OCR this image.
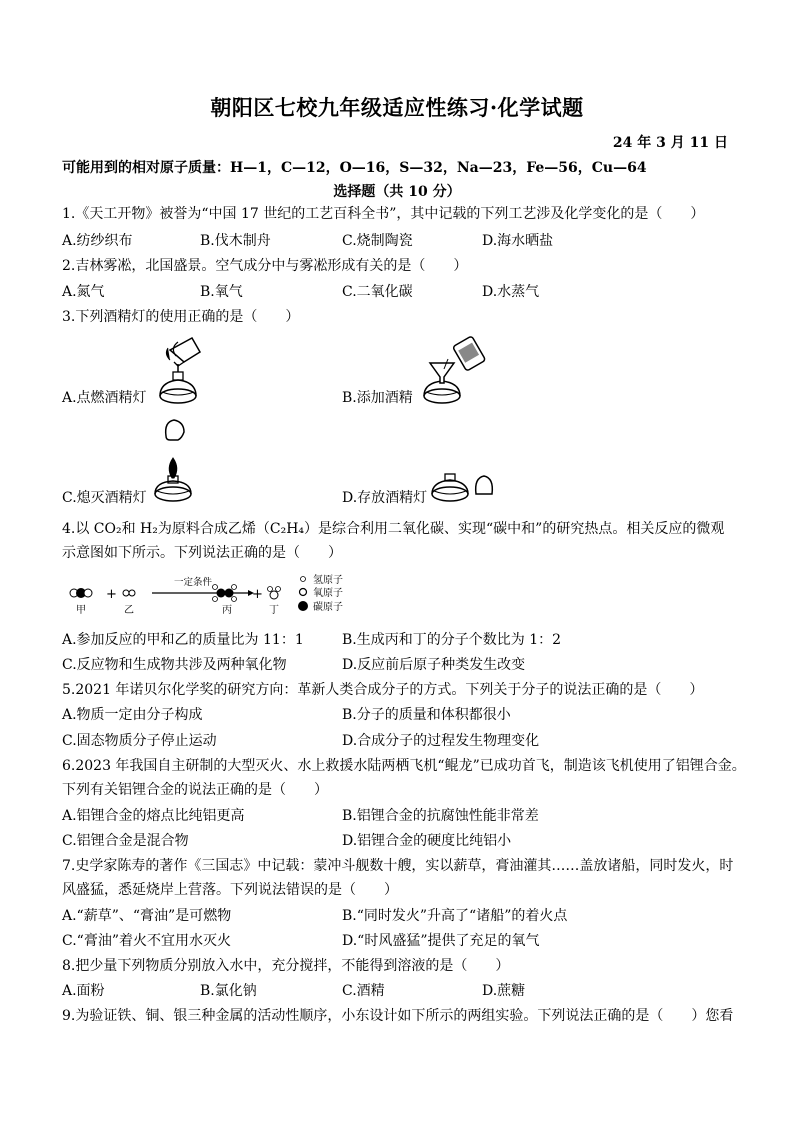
朝阳区七校九年级适应性练习·化学试题
24 年 3 月 11 日
可能用到的相对原子质量：H—1，C—12，O—16，S—32，Na—23，Fe—56，Cu—64
选择题（共 10 分）
1.《天工开物》被誉为“中国 17 世纪的工艺百科全书”，其中记载的下列工艺涉及化学变化的是（　　）
A.纺纱织布	B.伐木制舟	C.烧制陶瓷	D.海水晒盐
2.吉林雾凇，北国盛景。空气成分中与雾凇形成有关的是（　　）
A.氮气	B.氧气	C.二氧化碳	D.水蒸气
3.下列酒精灯的使用正确的是（　　）
A.点燃酒精灯	B.添加酒精
C.熄灭酒精灯	D.存放酒精灯
4.以 CO₂和 H₂为原料合成乙烯（C₂H₄）是综合利用二氧化碳、实现“碳中和”的研究热点。相关反应的微观
示意图如下所示。下列说法正确的是（　　）
甲
+
乙
一定条件
丙
+
丁
氢原子
氧原子
碳原子
A.参加反应的甲和乙的质量比为 11：1	B.生成丙和丁的分子个数比为 1：2
C.反应物和生成物共涉及两种氧化物	D.反应前后原子种类发生改变
5.2021 年诺贝尔化学奖的研究方向：革新人类合成分子的方式。下列关于分子的说法正确的是（　　）
A.物质一定由分子构成	B.分子的质量和体积都很小
C.固态物质分子停止运动	D.合成分子的过程发生物理变化
6.2023 年我国自主研制的大型灭火、水上救援水陆两栖飞机“鲲龙”已成功首飞，制造该飞机使用了铝锂合金。
下列有关铝锂合金的说法正确的是（　　）
A.铝锂合金的熔点比纯铝更高	B.铝锂合金的抗腐蚀性能非常差
C.铝锂合金是混合物	D.铝锂合金的硬度比纯铝小
7.史学家陈寿的著作《三国志》中记载：蒙冲斗舰数十艘，实以薪草，膏油灌其……盖放诸船，同时发火，时
风盛猛，悉延烧岸上营落。下列说法错误的是（　　）
A.“薪草”、“膏油”是可燃物	B.“同时发火”升高了“诸船”的着火点
C.“膏油”着火不宜用水灭火	D.“时风盛猛”提供了充足的氧气
8.把少量下列物质分别放入水中，充分搅拌，不能得到溶液的是（　　）
A.面粉	B.氯化钠	C.酒精	D.蔗糖
9.为验证铁、铜、银三种金属的活动性顺序，小东设计如下所示的两组实验。下列说法正确的是（　　）您看
